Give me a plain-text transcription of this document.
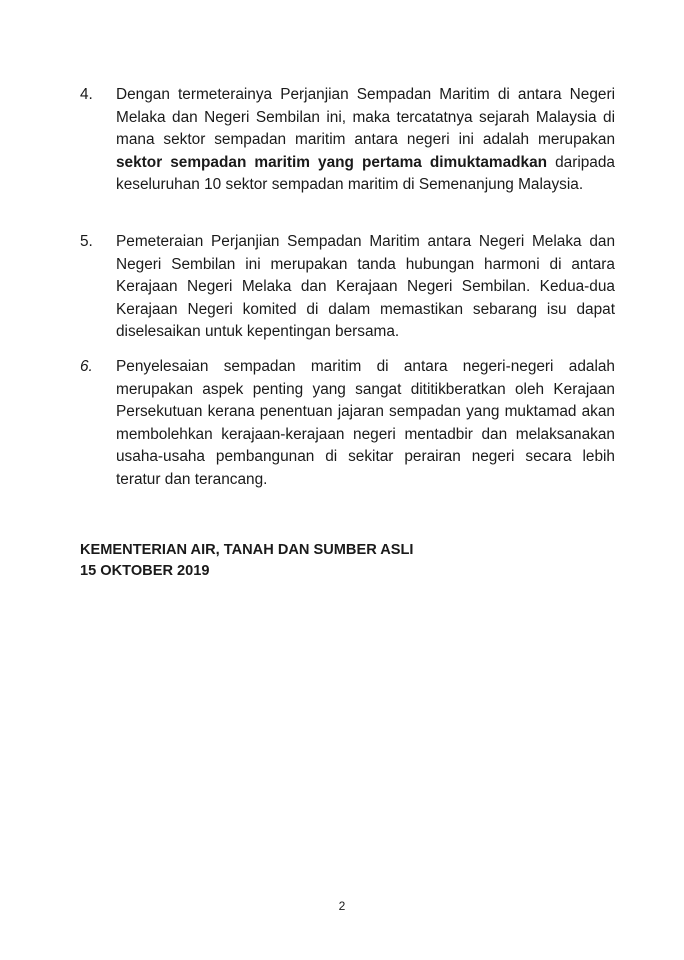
4.	Dengan termeterainya Perjanjian Sempadan Maritim di antara Negeri Melaka dan Negeri Sembilan ini, maka tercatatnya sejarah Malaysia di mana sektor sempadan maritim antara negeri ini adalah merupakan sektor sempadan maritim yang pertama dimuktamadkan daripada keseluruhan 10 sektor sempadan maritim di Semenanjung Malaysia.
5.	Pemeteraian Perjanjian Sempadan Maritim antara Negeri Melaka dan Negeri Sembilan ini merupakan tanda hubungan harmoni di antara Kerajaan Negeri Melaka dan Kerajaan Negeri Sembilan. Kedua-dua Kerajaan Negeri komited di dalam memastikan sebarang isu dapat diselesaikan untuk kepentingan bersama.
6.	Penyelesaian sempadan maritim di antara negeri-negeri adalah merupakan aspek penting yang sangat dititikberatkan oleh Kerajaan Persekutuan kerana penentuan jajaran sempadan yang muktamad akan membolehkan kerajaan-kerajaan negeri mentadbir dan melaksanakan usaha-usaha pembangunan di sekitar perairan negeri secara lebih teratur dan terancang.
KEMENTERIAN AIR, TANAH DAN SUMBER ASLI
15 OKTOBER 2019
2
